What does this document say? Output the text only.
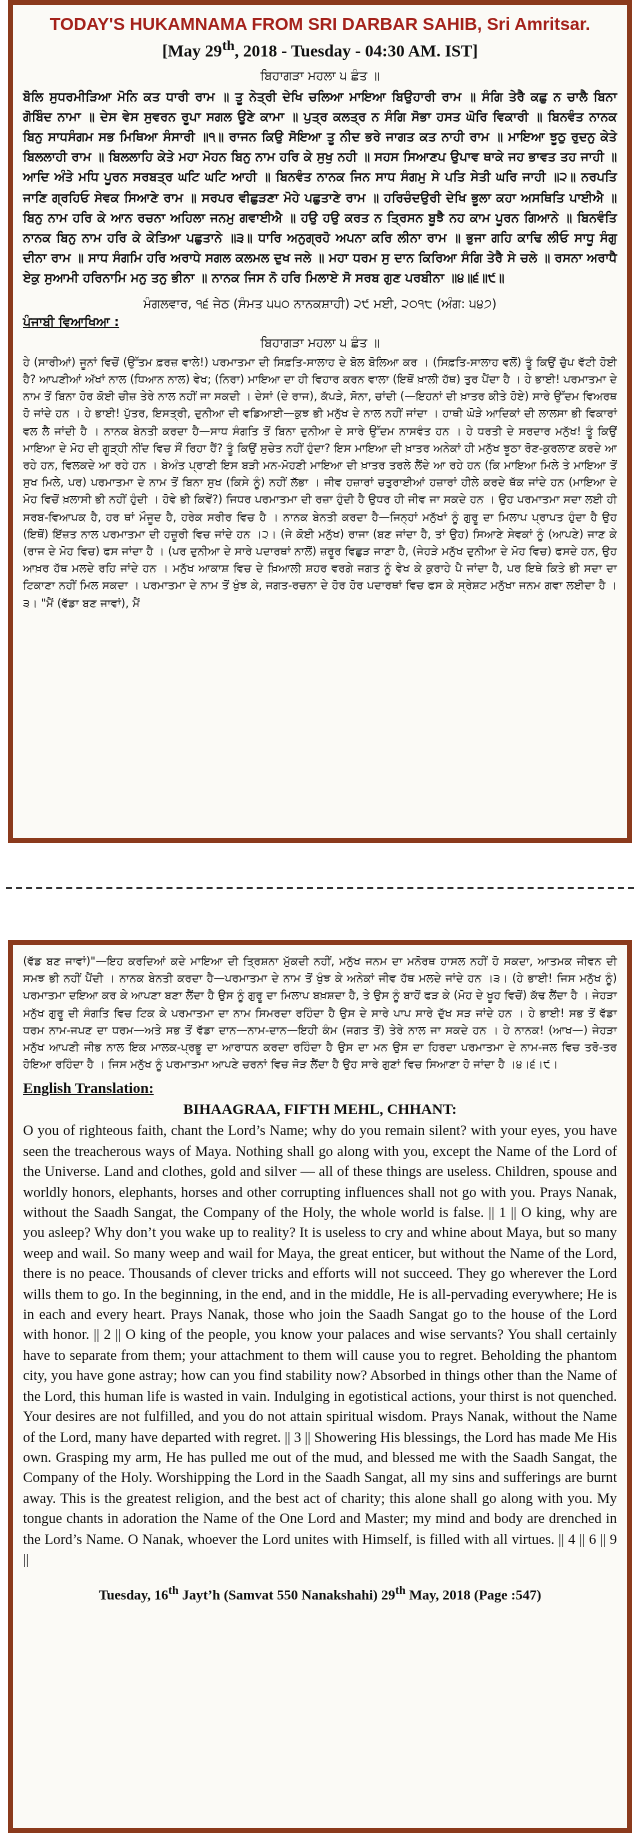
TODAY'S HUKAMNAMA FROM SRI DARBAR SAHIB, Sri Amritsar.
[May 29th, 2018 - Tuesday - 04:30 AM. IST]
ਬਿਹਾਗੜਾ ਮਹਲਾ ੫ ਛੰਤ ॥
ਬੋਲਿ ਸੁਧਰਮੀੜਿਆ ਮੋਨਿ ਕਤ ਧਾਰੀ ਰਾਮ ॥ ਤੂ ਨੇਤ੍ਰੀ ਦੇਖਿ ਚਲਿਆ ਮਾਇਆ ਬਿਉਹਾਰੀ ਰਾਮ ॥ ਸੰਗਿ ਤੇਰੈ ਕਛੁ ਨ ਚਾਲੈ ਬਿਨਾ ਗੋਬਿੰਦ ਨਾਮਾ ॥ ਦੇਸ ਵੇਸ ਸੁਵਰਨ ਰੂਪਾ ਸਗਲ ਊਣੇ ਕਾਮਾ ॥ ਪੁਤ੍ਰ ਕਲਤ੍ਰ ਨ ਸੰਗਿ ਸੋਭਾ ਹਸਤ ਘੋਰਿ ਵਿਕਾਰੀ ॥ ਬਿਨਵੰਤ ਨਾਨਕ ਬਿਨੁ ਸਾਧਸੰਗਮ ਸਭ ਮਿਥਿਆ ਸੰਸਾਰੀ ॥੧॥ ਰਾਜਨ ਕਿਉ ਸੋਇਆ ਤੂ ਨੀਦ ਭਰੇ ਜਾਗਤ ਕਤ ਨਾਹੀ ਰਾਮ ॥ ਮਾਇਆ ਝੂਠੁ ਰੁਦਨੁ ਕੇਤੇ ਬਿਲਲਾਹੀ ਰਾਮ ॥ ਬਿਲਲਾਹਿ ਕੇਤੇ ਮਹਾ ਮੋਹਨ ਬਿਨੁ ਨਾਮ ਹਰਿ ਕੇ ਸੁਖੁ ਨਹੀ ॥ ਸਹਸ ਸਿਆਣਪ ਉਪਾਵ ਥਾਕੇ ਜਹ ਭਾਵਤ ਤਹ ਜਾਹੀ ॥ ਆਦਿ ਅੰਤੇ ਮਧਿ ਪੂਰਨ ਸਰਬਤ੍ਰ ਘਟਿ ਘਟਿ ਆਹੀ ॥ ਬਿਨਵੰਤ ਨਾਨਕ ਜਿਨ ਸਾਧ ਸੰਗਮੁ ਸੇ ਪਤਿ ਸੇਤੀ ਘਰਿ ਜਾਹੀ ॥੨॥ ਨਰਪਤਿ ਜਾਣਿ ਗ੍ਰਹਿਓ ਸੇਵਕ ਸਿਆਣੇ ਰਾਮ ॥ ਸਰਪਰ ਵੀਛੁੜਣਾ ਮੋਹੇ ਪਛੁਤਾਣੇ ਰਾਮ ॥ ਹਰਿਚੰਦਉਰੀ ਦੇਖਿ ਭੂਲਾ ਕਹਾ ਅਸਥਿਤਿ ਪਾਈਐ ॥ ਬਿਨੁ ਨਾਮ ਹਰਿ ਕੇ ਆਨ ਰਚਨਾ ਅਹਿਲਾ ਜਨਮੁ ਗਵਾਈਐ ॥ ਹਉ ਹਉ ਕਰਤ ਨ ਤ੍ਰਿਸਨ ਬੂਝੈ ਨਹ ਕਾਮ ਪੂਰਨ ਗਿਆਨੇ ॥ ਬਿਨਵੰਤਿ ਨਾਨਕ ਬਿਨੁ ਨਾਮ ਹਰਿ ਕੇ ਕੇਤਿਆ ਪਛੁਤਾਨੇ ॥੩॥ ਧਾਰਿ ਅਨੁਗ੍ਰਹੋ ਅਪਨਾ ਕਰਿ ਲੀਨਾ ਰਾਮ ॥ ਭੁਜਾ ਗਹਿ ਕਾਢਿ ਲੀਓ ਸਾਧੂ ਸੰਗੁ ਦੀਨਾ ਰਾਮ ॥ ਸਾਧ ਸੰਗਮਿ ਹਰਿ ਅਰਾਧੇ ਸਗਲ ਕਲਮਲ ਦੁਖ ਜਲੇ ॥ ਮਹਾ ਧਰਮ ਸੁ ਦਾਨ ਕਿਰਿਆ ਸੰਗਿ ਤੇਰੈ ਸੇ ਚਲੇ ॥ ਰਸਨਾ ਅਰਾਧੈ ਏਕੁ ਸੁਆਮੀ ਹਰਿਨਾਮਿ ਮਨੁ ਤਨੁ ਭੀਨਾ ॥ ਨਾਨਕ ਜਿਸ ਨੋ ਹਰਿ ਮਿਲਾਏ ਸੋ ਸਰਬ ਗੁਣ ਪਰਬੀਨਾ ॥੪॥੬॥੯॥
ਮੰਗਲਵਾਰ, ੧੬ ਜੇਠ (ਸੰਮਤ ੫੫੦ ਨਾਨਕਸ਼ਾਹੀ) ੨੯ ਮਈ, ੨੦੧੮ (ਅੰਗ: ੫੪੭)
ਪੰਜਾਬੀ ਵਿਆਖਿਆ :
ਬਿਹਾਗੜਾ ਮਹਲਾ ੫ ਛੰਤ ॥
ਹੇ (ਸਾਰੀਆਂ) ਜੂਨਾਂ ਵਿਚੋਂ (ਉੱਤਮ ਫ਼ਰਜ਼ ਵਾਲੇ!) ਪਰਮਾਤਮਾ ਦੀ ਸਿਫ਼ਤਿ-ਸਾਲਾਹ ਦੇ ਬੋਲ ਬੋਲਿਆ ਕਰ । (ਸਿਫ਼ਤਿ-ਸਾਲਾਹ ਵਲੋਂ) ਤੂੰ ਕਿਉਂ ਚੁੱਪ ਵੱਟੀ ਹੋਈ ਹੈ? ਆਪਣੀਆਂ ਅੱਖਾਂ ਨਾਲ (ਧਿਆਨ ਨਾਲ) ਵੇਖ; (ਨਿਰਾ) ਮਾਇਆ ਦਾ ਹੀ ਵਿਹਾਰ ਕਰਨ ਵਾਲਾ (ਇਥੋਂ ਖ਼ਾਲੀ ਹੱਥ) ਤੁਰ ਪੈਂਦਾ ਹੈ । ਹੇ ਭਾਈ! ਪਰਮਾਤਮਾ ਦੇ ਨਾਮ ਤੋਂ ਬਿਨਾ ਹੋਰ ਕੋਈ ਚੀਜ਼ ਤੇਰੇ ਨਾਲ ਨਹੀਂ ਜਾ ਸਕਦੀ । ਦੇਸਾਂ (ਦੇ ਰਾਜ), ਕੱਪੜੇ, ਸੋਨਾ, ਚਾਂਦੀ (—ਇਹਨਾਂ ਦੀ ਖ਼ਾਤਰ ਕੀਤੇ ਹੋਏ) ਸਾਰੇ ਉੱਦਮ ਵਿਅਰਥ ਹੋ ਜਾਂਦੇ ਹਨ । ਹੇ ਭਾਈ! ਪੁੱਤਰ, ਇਸਤ੍ਰੀ, ਦੁਨੀਆ ਦੀ ਵਡਿਆਈ—ਕੁਝ ਭੀ ਮਨੁੱਖ ਦੇ ਨਾਲ ਨਹੀਂ ਜਾਂਦਾ । ਹਾਥੀ ਘੋੜੇ ਆਦਿਕਾਂ ਦੀ ਲਾਲਸਾ ਭੀ ਵਿਕਾਰਾਂ ਵਲ ਲੈ ਜਾਂਦੀ ਹੈ । ਨਾਨਕ ਬੇਨਤੀ ਕਰਦਾ ਹੈ—ਸਾਧ ਸੰਗਤਿ ਤੋਂ ਬਿਨਾ ਦੁਨੀਆ ਦੇ ਸਾਰੇ ਉੱਦਮ ਨਾਸਵੰਤ ਹਨ । ਹੇ ਧਰਤੀ ਦੇ ਸਰਦਾਰ ਮਨੁੱਖ! ਤੂੰ ਕਿਉਂ ਮਾਇਆ ਦੇ ਮੋਹ ਦੀ ਗੂੜ੍ਹੀ ਨੀਂਦ ਵਿਚ ਸੌਂ ਰਿਹਾ ਹੈਂ? ਤੂੰ ਕਿਉਂ ਸੁਚੇਤ ਨਹੀਂ ਹੁੰਦਾ? ਇਸ ਮਾਇਆ ਦੀ ਖ਼ਾਤਰ ਅਨੇਕਾਂ ਹੀ ਮਨੁੱਖ ਝੂਠਾ ਰੋਣ-ਕੁਰਲਾਣ ਕਰਦੇ ਆ ਰਹੇ ਹਨ, ਵਿਲਕਦੇ ਆ ਰਹੇ ਹਨ । ਬੇਅੰਤ ਪ੍ਰਾਣੀ ਇਸ ਬੜੀ ਮਨ-ਮੋਹਣੀ ਮਾਇਆ ਦੀ ਖ਼ਾਤਰ ਤਰਲੇ ਲੈਂਦੇ ਆ ਰਹੇ ਹਨ (ਕਿ ਮਾਇਆ ਮਿਲੇ ਤੇ ਮਾਇਆ ਤੋਂ ਸੁਖ ਮਿਲੇ, ਪਰ) ਪਰਮਾਤਮਾ ਦੇ ਨਾਮ ਤੋਂ ਬਿਨਾ ਸੁਖ (ਕਿਸੇ ਨੂੰ) ਨਹੀਂ ਲੱਭਾ । ਜੀਵ ਹਜ਼ਾਰਾਂ ਚਤੁਰਾਈਆਂ ਹਜ਼ਾਰਾਂ ਹੀਲੇ ਕਰਦੇ ਥੱਕ ਜਾਂਦੇ ਹਨ (ਮਾਇਆ ਦੇ ਮੋਹ ਵਿਚੋਂ ਖ਼ਲਾਸੀ ਭੀ ਨਹੀਂ ਹੁੰਦੀ । ਹੋਵੇ ਭੀ ਕਿਵੇਂ?) ਜਿਧਰ ਪਰਮਾਤਮਾ ਦੀ ਰਜ਼ਾ ਹੁੰਦੀ ਹੈ ਉਧਰ ਹੀ ਜੀਵ ਜਾ ਸਕਦੇ ਹਨ । ਉਹ ਪਰਮਾਤਮਾ ਸਦਾ ਲਈ ਹੀ ਸਰਬ-ਵਿਆਪਕ ਹੈ, ਹਰ ਥਾਂ ਮੌਜੂਦ ਹੈ, ਹਰੇਕ ਸਰੀਰ ਵਿਚ ਹੈ । ਨਾਨਕ ਬੇਨਤੀ ਕਰਦਾ ਹੈ—ਜਿਨ੍ਹਾਂ ਮਨੁੱਖਾਂ ਨੂੰ ਗੁਰੂ ਦਾ ਮਿਲਾਪ ਪ੍ਰਾਪਤ ਹੁੰਦਾ ਹੈ ਉਹ (ਇਥੋਂ) ਇੱਜ਼ਤ ਨਾਲ ਪਰਮਾਤਮਾ ਦੀ ਹਜ਼ੂਰੀ ਵਿਚ ਜਾਂਦੇ ਹਨ ।੨। (ਜੇ ਕੋਈ ਮਨੁੱਖ) ਰਾਜਾ (ਬਣ ਜਾਂਦਾ ਹੈ, ਤਾਂ ਉਹ) ਸਿਆਣੇ ਸੇਵਕਾਂ ਨੂੰ (ਆਪਣੇ) ਜਾਣ ਕੇ (ਰਾਜ ਦੇ ਮੋਹ ਵਿਚ) ਫਸ ਜਾਂਦਾ ਹੈ । (ਪਰ ਦੁਨੀਆ ਦੇ ਸਾਰੇ ਪਦਾਰਥਾਂ ਨਾਲੋਂ) ਜ਼ਰੂਰ ਵਿਛੁੜ ਜਾਣਾ ਹੈ, (ਜੇਹੜੇ ਮਨੁੱਖ ਦੁਨੀਆ ਦੇ ਮੋਹ ਵਿਚ) ਫਸਦੇ ਹਨ, ਉਹ ਆਖ਼ਰ ਹੱਥ ਮਲਦੇ ਰਹਿ ਜਾਂਦੇ ਹਨ । ਮਨੁੱਖ ਆਕਾਸ਼ ਵਿਚ ਦੇ ਖ਼ਿਆਲੀ ਸ਼ਹਰ ਵਰਗੇ ਜਗਤ ਨੂੰ ਵੇਖ ਕੇ ਕੁਰਾਹੇ ਪੈ ਜਾਂਦਾ ਹੈ, ਪਰ ਇਥੇ ਕਿਤੇ ਭੀ ਸਦਾ ਦਾ ਟਿਕਾਣਾ ਨਹੀਂ ਮਿਲ ਸਕਦਾ । ਪਰਮਾਤਮਾ ਦੇ ਨਾਮ ਤੋਂ ਖੁੰਝ ਕੇ, ਜਗਤ-ਰਚਨਾ ਦੇ ਹੋਰ ਹੋਰ ਪਦਾਰਥਾਂ ਵਿਚ ਫਸ ਕੇ ਸ੍ਰੇਸ਼ਟ ਮਨੁੱਖਾ ਜਨਮ ਗਵਾ ਲਈਦਾ ਹੈ ।੩। "ਮੈਂ (ਵੱਡਾ ਬਣ ਜਾਵਾਂ), ਮੈਂ
(ਵੱਡ ਬਣ ਜਾਵਾਂ)"—ਇਹ ਕਰਦਿਆਂ ਕਦੇ ਮਾਇਆ ਦੀ ਤ੍ਰਿਸ਼ਨਾ ਮੁੱਕਦੀ ਨਹੀਂ, ਮਨੁੱਖ ਜਨਮ ਦਾ ਮਨੋਰਥ ਹਾਸਲ ਨਹੀਂ ਹੋ ਸਕਦਾ, ਆਤਮਕ ਜੀਵਨ ਦੀ ਸਮਝ ਭੀ ਨਹੀਂ ਪੈਂਦੀ । ਨਾਨਕ ਬੇਨਤੀ ਕਰਦਾ ਹੈ—ਪਰਮਾਤਮਾ ਦੇ ਨਾਮ ਤੋਂ ਖੁੰਝ ਕੇ ਅਨੇਕਾਂ ਜੀਵ ਹੱਥ ਮਲਦੇ ਜਾਂਦੇ ਹਨ ।੩। (ਹੇ ਭਾਈ! ਜਿਸ ਮਨੁੱਖ ਨੂੰ) ਪਰਮਾਤਮਾ ਦਇਆ ਕਰ ਕੇ ਆਪਣਾ ਬਣਾ ਲੈਂਦਾ ਹੈ ਉਸ ਨੂੰ ਗੁਰੂ ਦਾ ਮਿਲਾਪ ਬਖ਼ਸ਼ਦਾ ਹੈ, ਤੇ ਉਸ ਨੂੰ ਬਾਹੋਂ ਫੜ ਕੇ (ਮੋਹ ਦੇ ਖੂਹ ਵਿਚੋਂ) ਕੱਢ ਲੈਂਦਾ ਹੈ । ਜੇਹੜਾ ਮਨੁੱਖ ਗੁਰੂ ਦੀ ਸੰਗਤਿ ਵਿਚ ਟਿਕ ਕੇ ਪਰਮਾਤਮਾ ਦਾ ਨਾਮ ਸਿਮਰਦਾ ਰਹਿੰਦਾ ਹੈ ਉਸ ਦੇ ਸਾਰੇ ਪਾਪ ਸਾਰੇ ਦੁੱਖ ਸੜ ਜਾਂਦੇ ਹਨ । ਹੇ ਭਾਈ! ਸਭ ਤੋਂ ਵੱਡਾ ਧਰਮ ਨਾਮ-ਜਪਣ ਦਾ ਧਰਮ—ਅਤੇ ਸਭ ਤੋਂ ਵੱਡਾ ਦਾਨ—ਨਾਮ-ਦਾਨ—ਇਹੀ ਕੰਮ (ਜਗਤ ਤੋਂ) ਤੇਰੇ ਨਾਲ ਜਾ ਸਕਦੇ ਹਨ । ਹੇ ਨਾਨਕ! (ਆਖ—) ਜੇਹੜਾ ਮਨੁੱਖ ਆਪਣੀ ਜੀਭ ਨਾਲ ਇਕ ਮਾਲਕ-ਪ੍ਰਭੂ ਦਾ ਆਰਾਧਨ ਕਰਦਾ ਰਹਿੰਦਾ ਹੈ ਉਸ ਦਾ ਮਨ ਉਸ ਦਾ ਹਿਰਦਾ ਪਰਮਾਤਮਾ ਦੇ ਨਾਮ-ਜਲ ਵਿਚ ਤਰੋ-ਤਰ ਹੋਇਆ ਰਹਿੰਦਾ ਹੈ । ਜਿਸ ਮਨੁੱਖ ਨੂੰ ਪਰਮਾਤਮਾ ਆਪਣੇ ਚਰਨਾਂ ਵਿਚ ਜੋੜ ਲੈਂਦਾ ਹੈ ਉਹ ਸਾਰੇ ਗੁਣਾਂ ਵਿਚ ਸਿਆਣਾ ਹੋ ਜਾਂਦਾ ਹੈ ।੪।੬।੯।
English Translation:
BIHAAGRAA, FIFTH MEHL, CHHANT:
O you of righteous faith, chant the Lord’s Name; why do you remain silent? with your eyes, you have seen the treacherous ways of Maya. Nothing shall go along with you, except the Name of the Lord of the Universe. Land and clothes, gold and silver — all of these things are useless. Children, spouse and worldly honors, elephants, horses and other corrupting influences shall not go with you. Prays Nanak, without the Saadh Sangat, the Company of the Holy, the whole world is false. || 1 || O king, why are you asleep? Why don’t you wake up to reality? It is useless to cry and whine about Maya, but so many weep and wail. So many weep and wail for Maya, the great enticer, but without the Name of the Lord, there is no peace. Thousands of clever tricks and efforts will not succeed. They go wherever the Lord wills them to go. In the beginning, in the end, and in the middle, He is all-pervading everywhere; He is in each and every heart. Prays Nanak, those who join the Saadh Sangat go to the house of the Lord with honor. || 2 || O king of the people, you know your palaces and wise servants? You shall certainly have to separate from them; your attachment to them will cause you to regret. Beholding the phantom city, you have gone astray; how can you find stability now? Absorbed in things other than the Name of the Lord, this human life is wasted in vain. Indulging in egotistical actions, your thirst is not quenched. Your desires are not fulfilled, and you do not attain spiritual wisdom. Prays Nanak, without the Name of the Lord, many have departed with regret. || 3 || Showering His blessings, the Lord has made Me His own. Grasping my arm, He has pulled me out of the mud, and blessed me with the Saadh Sangat, the Company of the Holy. Worshipping the Lord in the Saadh Sangat, all my sins and sufferings are burnt away. This is the greatest religion, and the best act of charity; this alone shall go along with you. My tongue chants in adoration the Name of the One Lord and Master; my mind and body are drenched in the Lord’s Name. O Nanak, whoever the Lord unites with Himself, is filled with all virtues. || 4 || 6 || 9 ||
Tuesday, 16th Jayt’h (Samvat 550 Nanakshahi) 29th May, 2018 (Page :547)
